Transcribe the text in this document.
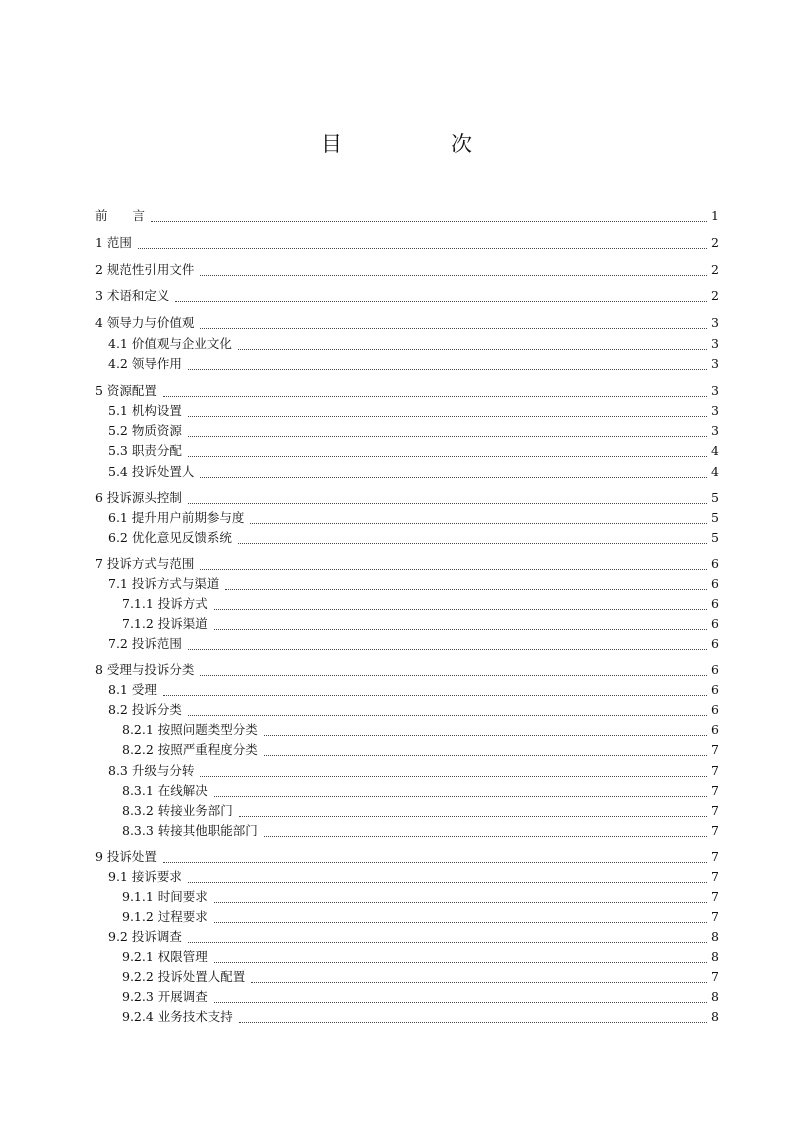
目　次
前　　言	1
1 范围	2
2 规范性引用文件	2
3 术语和定义	2
4 领导力与价值观	3
4.1 价值观与企业文化	3
4.2 领导作用	3
5 资源配置	3
5.1 机构设置	3
5.2 物质资源	3
5.3 职责分配	4
5.4 投诉处置人	4
6 投诉源头控制	5
6.1 提升用户前期参与度	5
6.2 优化意见反馈系统	5
7 投诉方式与范围	6
7.1 投诉方式与渠道	6
7.1.1 投诉方式	6
7.1.2 投诉渠道	6
7.2 投诉范围	6
8 受理与投诉分类	6
8.1 受理	6
8.2 投诉分类	6
8.2.1 按照问题类型分类	6
8.2.2 按照严重程度分类	7
8.3 升级与分转	7
8.3.1 在线解决	7
8.3.2 转接业务部门	7
8.3.3 转接其他职能部门	7
9 投诉处置	7
9.1 接诉要求	7
9.1.1 时间要求	7
9.1.2 过程要求	7
9.2 投诉调查	8
9.2.1 权限管理	8
9.2.2 投诉处置人配置	7
9.2.3 开展调查	8
9.2.4 业务技术支持	8
